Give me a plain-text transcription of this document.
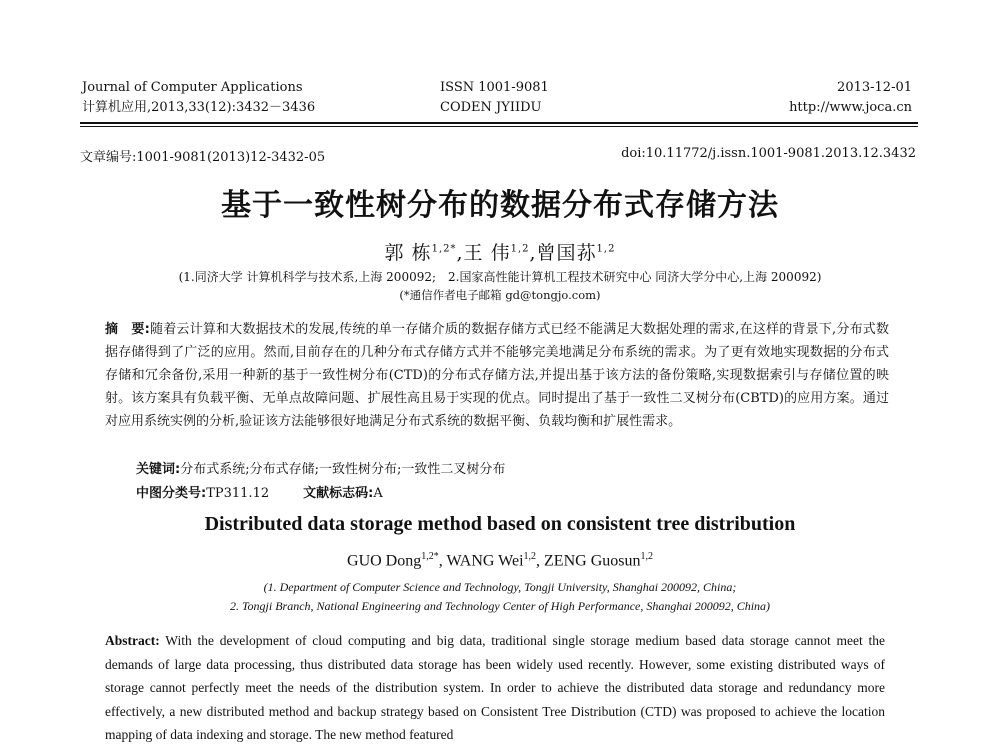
Journal of Computer Applications
计算机应用,2013,33(12):3432－3436
ISSN 1001-9081
CODEN JYIIDU
2013-12-01
http://www.joca.cn
文章编号:1001-9081(2013)12-3432-05	doi:10.11772/j.issn.1001-9081.2013.12.3432
基于一致性树分布的数据分布式存储方法
郭 栋$^{1,2*}$,王 伟$^{1,2}$,曾国荪$^{1,2}$
(1.同济大学 计算机科学与技术系,上海 200092;　2.国家高性能计算机工程技术研究中心 同济大学分中心,上海 200092)
(*通信作者电子邮箱 gd@tongjo.com)
摘　要:随着云计算和大数据技术的发展,传统的单一存储介质的数据存储方式已经不能满足大数据处理的需求,在这样的背景下,分布式数据存储得到了广泛的应用。然而,目前存在的几种分布式存储方式并不能够完美地满足分布系统的需求。为了更有效地实现数据的分布式存储和冗余备份,采用一种新的基于一致性树分布(CTD)的分布式存储方法,并提出基于该方法的备份策略,实现数据索引与存储位置的映射。该方案具有负载平衡、无单点故障问题、扩展性高且易于实现的优点。同时提出了基于一致性二叉树分布(CBTD)的应用方案。通过对应用系统实例的分析,验证该方法能够很好地满足分布式系统的数据平衡、负载均衡和扩展性需求。
关键词:分布式系统;分布式存储;一致性树分布;一致性二叉树分布
中图分类号:TP311.12	文献标志码:A
Distributed data storage method based on consistent tree distribution
GUO Dong$^{1,2*}$, WANG Wei$^{1,2}$, ZENG Guosun$^{1,2}$
(1. Department of Computer Science and Technology, Tongji University, Shanghai 200092, China;
2. Tongji Branch, National Engineering and Technology Center of High Performance, Shanghai 200092, China)
Abstract: With the development of cloud computing and big data, traditional single storage medium based data storage cannot meet the demands of large data processing, thus distributed data storage has been widely used recently. However, some existing distributed ways of storage cannot perfectly meet the needs of the distribution system. In order to achieve the distributed data storage and redundancy more effectively, a new distributed method and backup strategy based on Consistent Tree Distribution (CTD) was proposed to achieve the location mapping of data indexing and storage. The new method featured
